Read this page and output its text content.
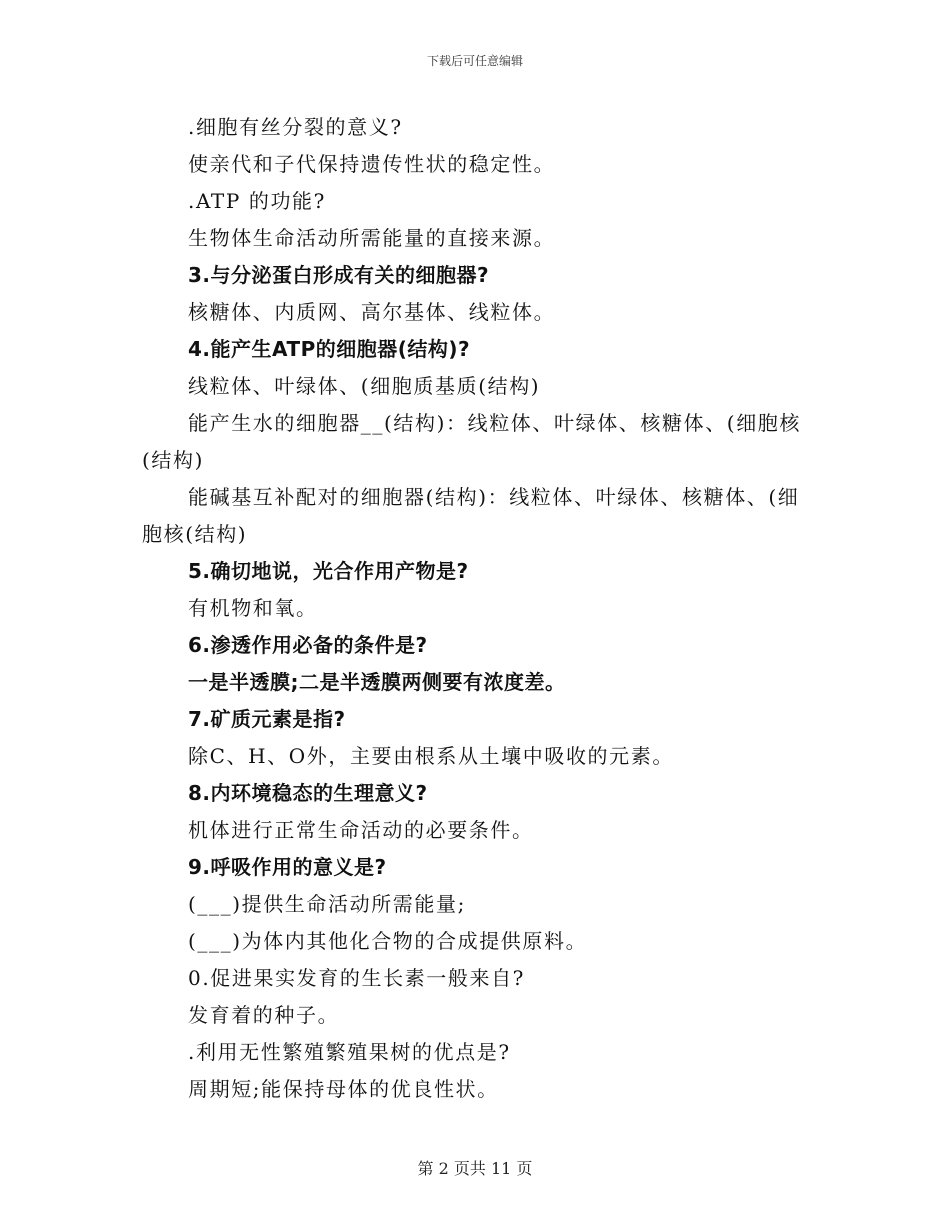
下载后可任意编辑
.细胞有丝分裂的意义?
使亲代和子代保持遗传性状的稳定性。
.ATP 的功能?
生物体生命活动所需能量的直接来源。
3.与分泌蛋白形成有关的细胞器?
核糖体、内质网、高尔基体、线粒体。
4.能产生ATP的细胞器(结构)?
线粒体、叶绿体、(细胞质基质(结构)
能产生水的细胞器__(结构)：线粒体、叶绿体、核糖体、(细胞核
(结构)
能碱基互补配对的细胞器(结构)：线粒体、叶绿体、核糖体、(细
胞核(结构)
5.确切地说，光合作用产物是?
有机物和氧。
6.渗透作用必备的条件是?
一是半透膜;二是半透膜两侧要有浓度差。
7.矿质元素是指?
除C、H、O外，主要由根系从土壤中吸收的元素。
8.内环境稳态的生理意义?
机体进行正常生命活动的必要条件。
9.呼吸作用的意义是?
(___)提供生命活动所需能量;
(___)为体内其他化合物的合成提供原料。
0.促进果实发育的生长素一般来自?
发育着的种子。
.利用无性繁殖繁殖果树的优点是?
周期短;能保持母体的优良性状。
第 2 页共 11 页
